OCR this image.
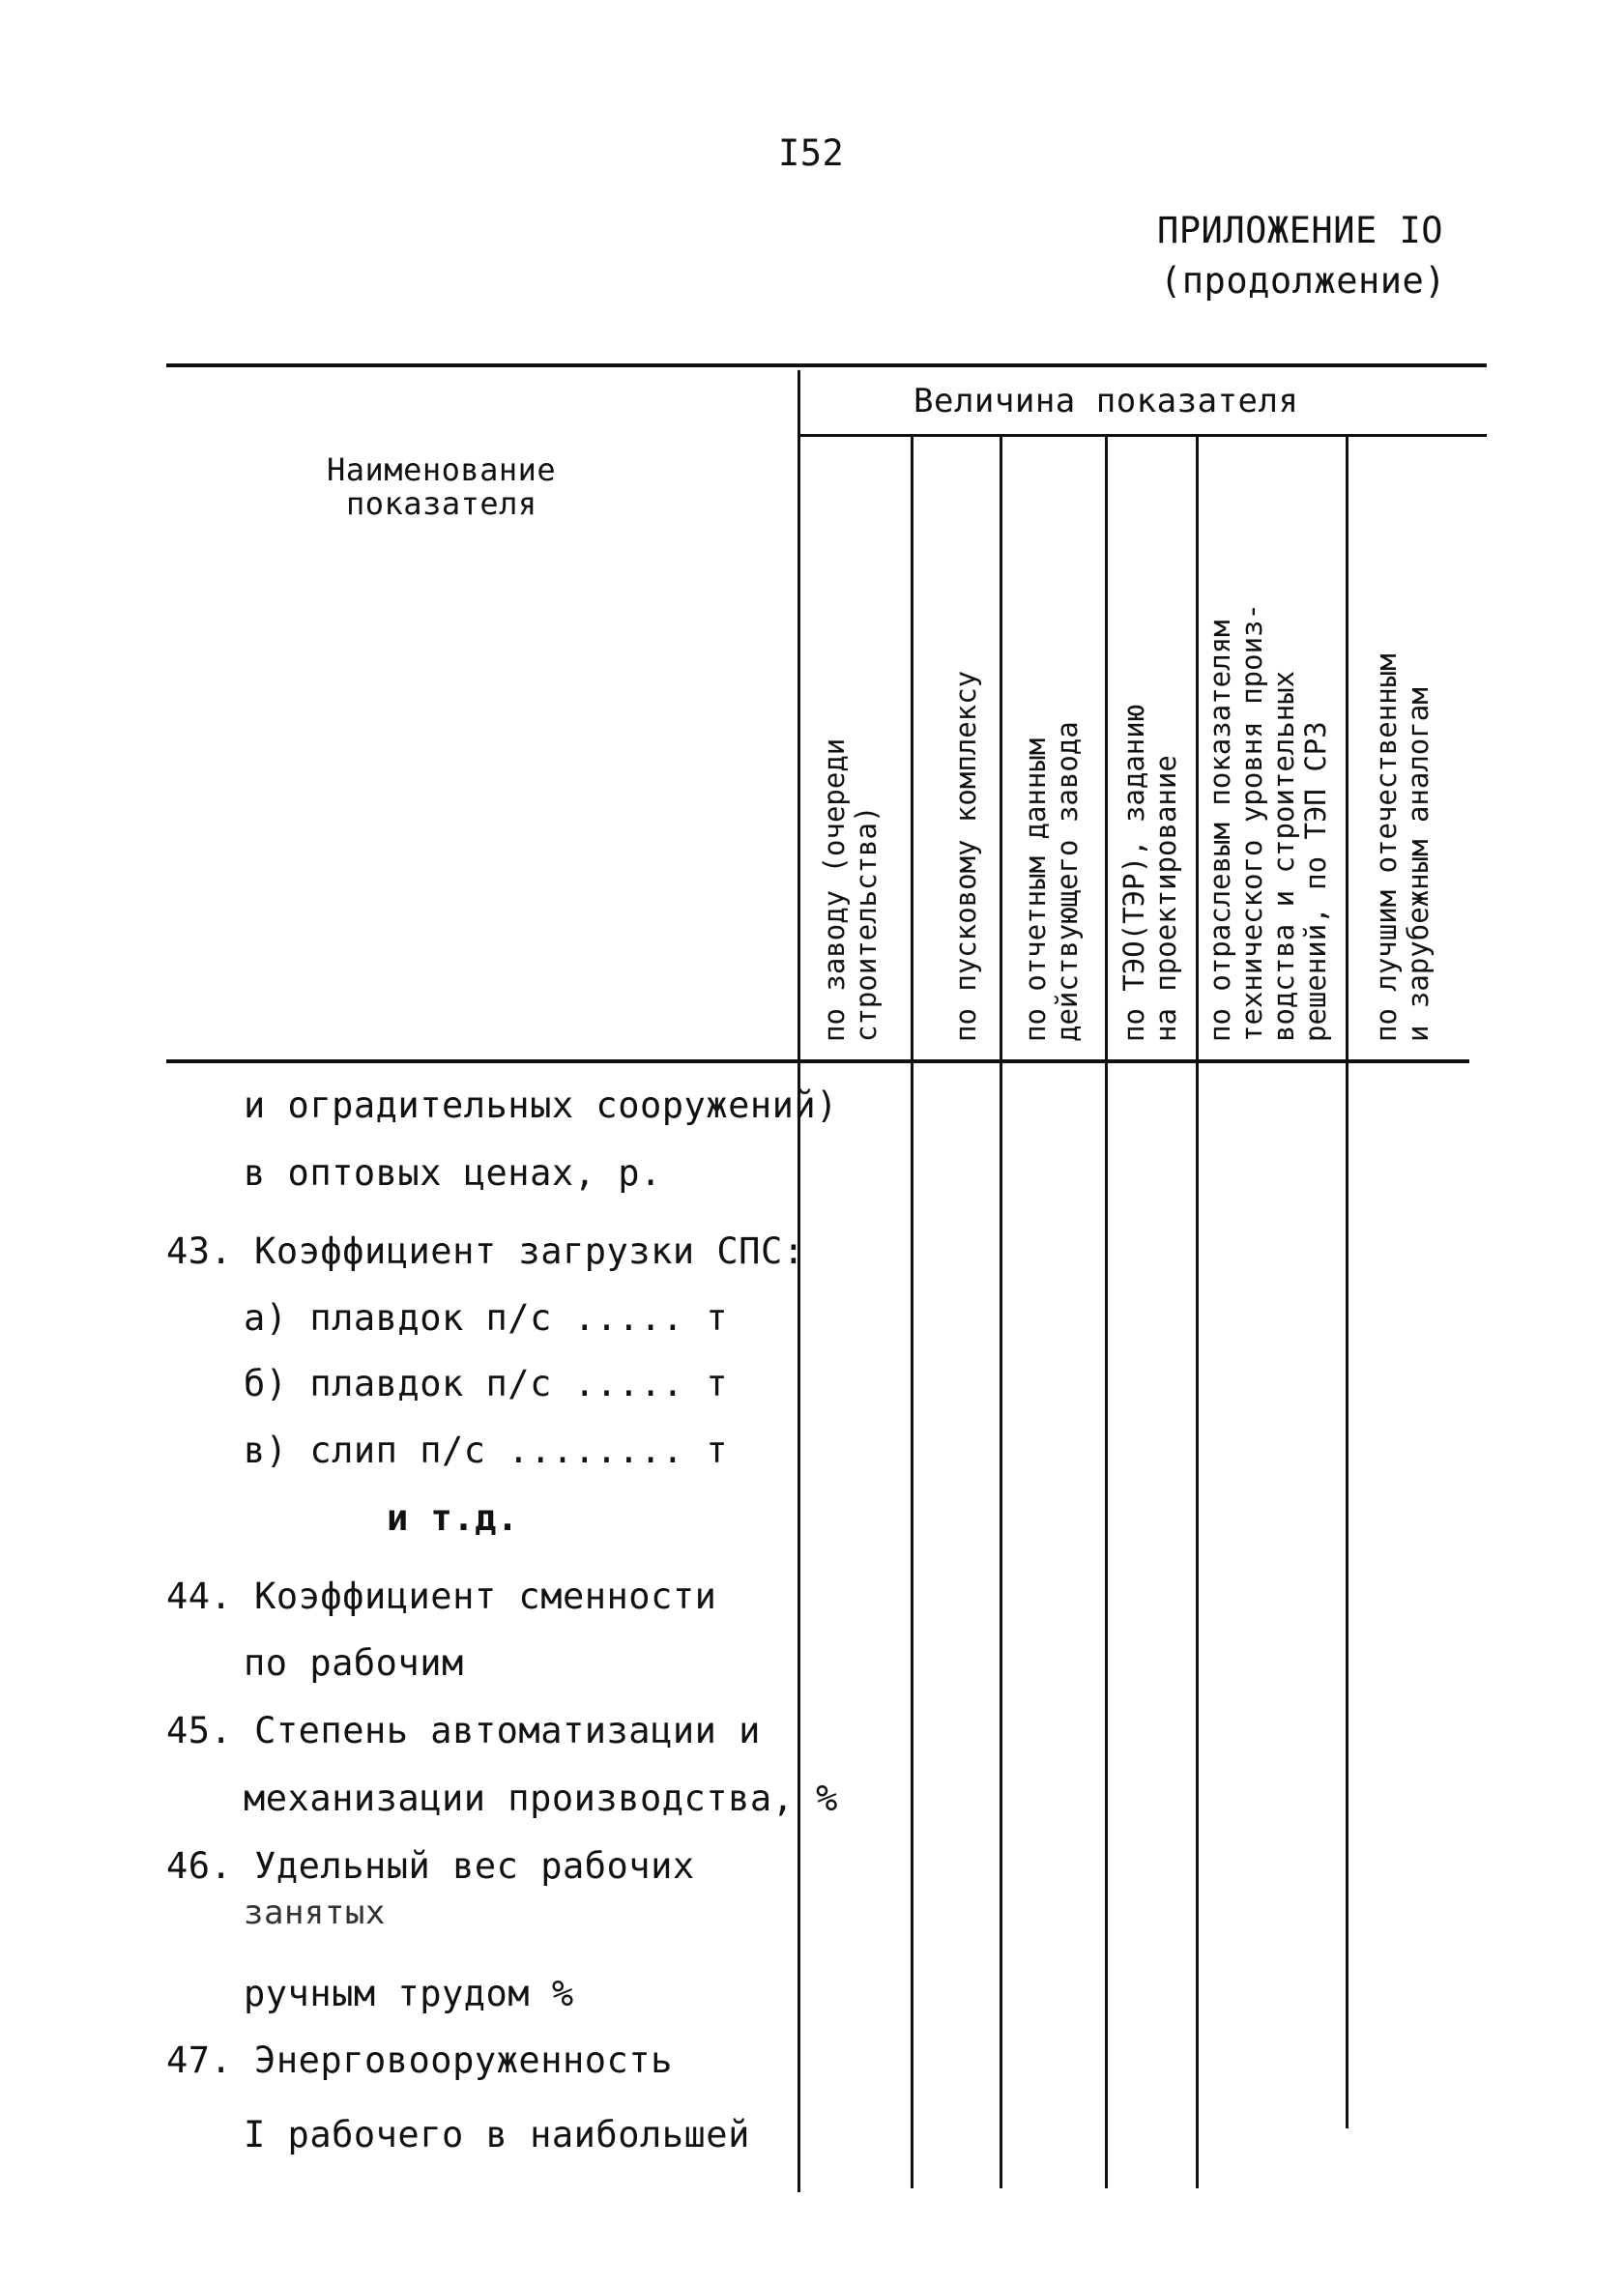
I52
ПРИЛОЖЕНИЕ IO
(продолжение)
Наименование
показателя
Величина показателя
по заводу (очереди строительства) по пусковому комплексу по отчетным данным действующего завода по ТЭО(ТЭР), заданию на проектирование по отраслевым показателям технического уровня произ- водства и строительных решений, по ТЭП СРЗ по лучшим отечественным и зарубежным аналогам
и оградительных сооружений)
в оптовых ценах, р.
43. Коэффициент загрузки СПС:
а) плавдок п/с ..... т
б) плавдок п/с ..... т
в) слип п/с ........ т
и т.д.
44. Коэффициент сменности
по рабочим
45. Степень автоматизации и
механизации производства, %
46. Удельный вес рабочих
занятых
ручным трудом %
47. Энерговооруженность
I рабочего в наибольшей
